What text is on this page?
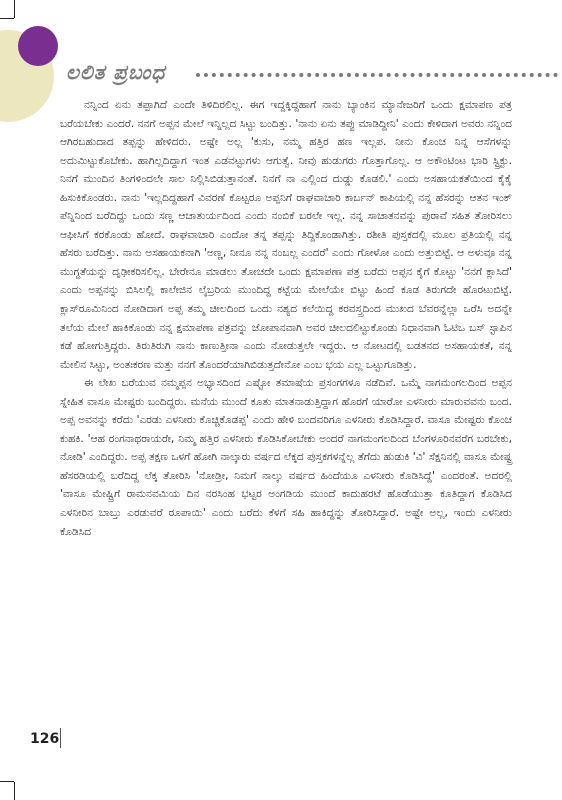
ಲಲಿತ ಪ್ರಬಂಧ

ನನ್ನಿಂದ ಏನು ತಪ್ಪಾಗಿದೆ ಎಂದೇ ತಿಳಿದಿರಲಿಲ್ಲ. ಈಗ ಇದ್ದಕ್ಕಿದ್ದಹಾಗೆ ನಾನು ಬ್ಯಾಂಕಿನ ಮ್ಯಾನೇಜರಿಗೆ ಒಂದು ಕ್ಷಮಾಪಣ ಪತ್ರ ಬರೆಯಬೇಕು ಎಂದರೆ. ನನಗೆ ಅಪ್ಪನ ಮೇಲೆ ಇನ್ನಿಲ್ಲದ ಸಿಟ್ಟು ಬಂದಿತ್ತು. 'ನಾನು ಏನು ತಪ್ಪು ಮಾಡಿದ್ದೀನಿ' ಎಂದು ಕೇಳಿದಾಗ ಅವರು ನನ್ನಿಂದ ಆಗಿರಬಹುದಾದ ತಪ್ಪನ್ನು ಹೇಳಿದರು. ಅಷ್ಟೇ ಅಲ್ಲ 'ಕುಸು, ನಮ್ಮ ಹತ್ತಿರ ಹಣ ಇಲ್ಲಪ. ನೀನು ಕೊಂಚ ನಿನ್ನ ಆಸೆಗಳನ್ನು ಅದುಮಿಟ್ಟುಕೊಬೇಕು. ಹಾಗಿಲ್ಲದಿದ್ದಾಗ ಇಂತ ಎಡವಟ್ಟುಗಳು ಆಗುತ್ವೆ. ನೀವು ಹುಡುಗರು ಗೊತ್ತಾಗೊಲ್ಲ. ಆ ಅಕೌಂಟಿಂಟ ಭಾರಿ ಸ್ಟ್ರಿಕ್ಟು. ನಿನಗೆ ಮುಂದಿನ ತಿಂಗಳಿಂದಲೇ ಸಾಲ ನಿಲ್ಲಿಸಿಬಿಡುತ್ತಾನಂತೆ. ನಿನಗೆ ನಾ ಎಲ್ಲಿಂದ ದುಡ್ಡು ಕೊಡಲಿ.' ಎಂದು ಅಸಹಾಯಕತೆಯಿಂದ ಕೈಕೈ ಹಿಸುಕಿಕೊಂಡರು. ನಾನು 'ಇಲ್ಲದಿದ್ದಹಾಗೆ ವಿವರಣೆ ಕೊಟ್ಟರೂ ಅಪ್ಪನಿಗೆ ರಾಘವಾಚಾರಿ ಕಾರ್ಬನ್ ಕಾಪಿಯಲ್ಲಿ ನನ್ನ ಹೆಸರನ್ನು ಆತನ ಇಂಕ್ ಪೆನ್ನಿನಿಂದ ಬರೆದಿದ್ದು ಒಂದು ಸಣ್ಣ ಆಚಾತುರ್ಯದಿಂದ ಎಂದು ನಂಬಿಕೆ ಬರಲೇ ಇಲ್ಲ. ನನ್ನ ಸಾಚಾತನವನ್ನು ಪುರಾವೆ ಸಹಿತ ತೋರಿಸಲು ಆಫೀಸಿಗೆ ಕರಕೊಂಡು ಹೋದೆ. ರಾಘವಾಚಾರಿ ಎಂದೋ ತನ್ನ ತಪ್ಪನ್ನು ತಿದ್ದಿಕೊಂಡಾಗಿತ್ತು. ರಶೀತಿ ಪುಸ್ತಕದಲ್ಲಿ ಮೂಲ ಪ್ರತಿಯಲ್ಲಿ ನನ್ನ ಹೆಸರು ಬರೆದಿತ್ತು. ನಾನು ಅಸಹಾಯಕನಾಗಿ 'ಅಣ್ಣ, ನೀನೂ ನನ್ನ ನಂಬಲ್ಲ ಎಂದರೆ' ಎಂದು ಗೋಳೋ ಎಂದು ಅತ್ತುಬಿಟ್ಟೆ. ಆ ಅಳುವೂ ನನ್ನ ಮುಗ್ಧತೆಯನ್ನು ದೃಢೀಕರಿಸಲಿಲ್ಲ. ಬೇರೇನೂ ಮಾಡಲು ತೋಚದೇ ಒಂದು ಕ್ಷಮಾಪಣಾ ಪತ್ರ ಬರೆದು ಅಪ್ಪನ ಕೈಗೆ ಕೊಟ್ಟು 'ನನಗೆ ಕ್ಲಾಸಿದೆ' ಎಂದು ಅಪ್ಪನನ್ನು ಬಿಸಿಲಲ್ಲಿ ಕಾಲೇಜಿನ ಲೈಬ್ರರಿಯ ಮುಂದಿದ್ದ ಕಟ್ಟೆಯ ಮೇಲೆಯೇ ಬಿಟ್ಟು ಹಿಂದೆ ಕೂಡ ತಿರುಗದೇ ಹೊರಟುಬಿಟ್ಟೆ. ಕ್ಲಾಸ್‌ರೂಮಿನಿಂದ ನೋಡಿದಾಗ ಅಪ್ಪ ತಮ್ಮ ಚೀಲದಿಂದ ಒಂದು ನಶ್ಯದ ಕಲೆಯಿದ್ದ ಕರವಸ್ತ್ರದಿಂದ ಮುಖದ ಬೆವರನ್ನೆಲ್ಲಾ ಒರೆಸಿ ಅದನ್ನೇ ತಲೆಯ ಮೇಲೆ ಹಾಕಿಕೊಂಡು ನನ್ನ ಕ್ಷಮಾಪಣಾ ಪತ್ರವನ್ನು ಜೋಪಾನವಾಗಿ ಅವರ ಚೀಲದಲಿಟ್ಟುಕೊಂಡು ನಿಧಾನವಾಗಿ ಓಟಿಒ ಬಸ್ ಸ್ಟಾಪಿನ ಕಡೆ ಹೋಗುತ್ತಿದ್ದರು. ತಿರುತಿರುಗಿ ನಾನು ಕಾಣುತ್ತೀನಾ ಎಂದು ನೋಡುತ್ತಲೇ ಇದ್ದರು. ಆ ನೋಟದಲ್ಲಿ ಬಡತನದ ಅಸಹಾಯಕತೆ, ನನ್ನ ಮೇಲಿನ ಸಿಟ್ಟು, ಅಂತಃಕರಣ ಮತ್ತು ನನಗೆ ತೊಂದರೆಯಾಗಿಬಿಡುತ್ತದೇನೋ ಎಂಬ ಭಯ ಎಲ್ಲ ಒಟ್ಟುಗೂಡಿತ್ತು.

ಈ ಲೇಖ ಬರೆಯುವ ನಮ್ಮಪ್ಪನ ಅಭ್ಯಾಸದಿಂದ ಎಷ್ಟೋ ತಮಾಷೆಯ ಪ್ರಸಂಗಗಳೂ ನಡೆದಿವೆ. ಒಮ್ಮೆ ನಾಗಮಂಗಲದಿಂದ ಅಪ್ಪನ ಸ್ನೇಹಿತ ವಾಸೂ ಮೇಷ್ಟರು ಬಂದಿದ್ದರು. ಮನೆಯ ಮುಂದೆ ಕೂತು ಮಾತನಾಡುತ್ತಿದ್ದಾಗ ಹೊರಗೆ ಯಾರೋ ಎಳನೀರು ಮಾರುವವನು ಬಂದ. ಅಪ್ಪ ಅವನನ್ನು ಕರೆದು 'ಎರಡು ಎಳನೀರು ಕೊಚ್ಚಿಕೊಡಪ್ಪ' ಎಂದು ಹೇಳಿ ಬಂದವರಿಗೂ ಎಳನೀರು ಕೊಡಿಸಿದ್ದಾರೆ. ವಾಸೂ ಮೇಷ್ಟರು ಕೊಂಚ ಕುಹಕಿ. 'ಆಹ ರಂಗನಾಥರಾಯರೇ, ನಿಮ್ಮ ಹತ್ತಿರ ಎಳನೀರು ಕೊಡಿಸಿಕೋಬೇಕು ಅಂದರೆ ನಾಗಮಂಗಲದಿಂದ ಬೆಂಗಳೂರಿನವರೆಗ ಬರಬೇಕು, ನೋಡಿ' ಎಂದಿದ್ದರು. ಅಪ್ಪ ತಕ್ಷಣ ಒಳಗೆ ಹೋಗಿ ನಾಲ್ಕಾರು ವರ್ಷದ ಲೆಕ್ಕದ ಪುಸ್ತಕಗಳನ್ನೆಲ್ಲ ತೆಗೆದು ಹುಡುಕಿ 'ವಿ' ಸೆಕ್ಷನಿನಲ್ಲಿ ವಾಸೂ ಮೇಷ್ಟ್ರ ಹೆಸರಡಿಯಲ್ಲಿ ಬರೆದಿದ್ದ ಲೆಕ್ಕ ತೋರಿಸಿ 'ನೋಡ್ರೀ, ನಿಮಗೆ ನಾಲ್ಕು ವರ್ಷದ ಹಿಂದೆಯೂ ಎಳನೀರು ಕೊಡಿಸಿದ್ದೆ' ಎಂದರಂತೆ. ಅದರಲ್ಲಿ 'ವಾಸೂ ಮೇಷ್ಟ್ರಿಗೆ ರಾಮನವಮಿಯ ದಿನ ನರಸಿಂಹ ಭಟ್ಟರ ಅಂಗಡಿಯ ಮುಂದೆ ಕಾದುಹರಟೆ ಹೊಡೆಯುತ್ತಾ ಕೂತಿದ್ದಾಗ ಕೊಡಿಸಿದ ಎಳನೀರಿನ ಬಾಬ್ತು ಎರಡುವರೆ ರೂಪಾಯಿ' ಎಂದು ಬರೆದು ಕೆಳಗೆ ಸಹಿ ಹಾಕಿದ್ದನ್ನು ತೋರಿಸಿದ್ದಾರೆ. ಅಷ್ಟೇ ಅಲ್ಲ, ಇಂದು ಎಳನೀರು ಕೊಡಿಸಿದ

126
